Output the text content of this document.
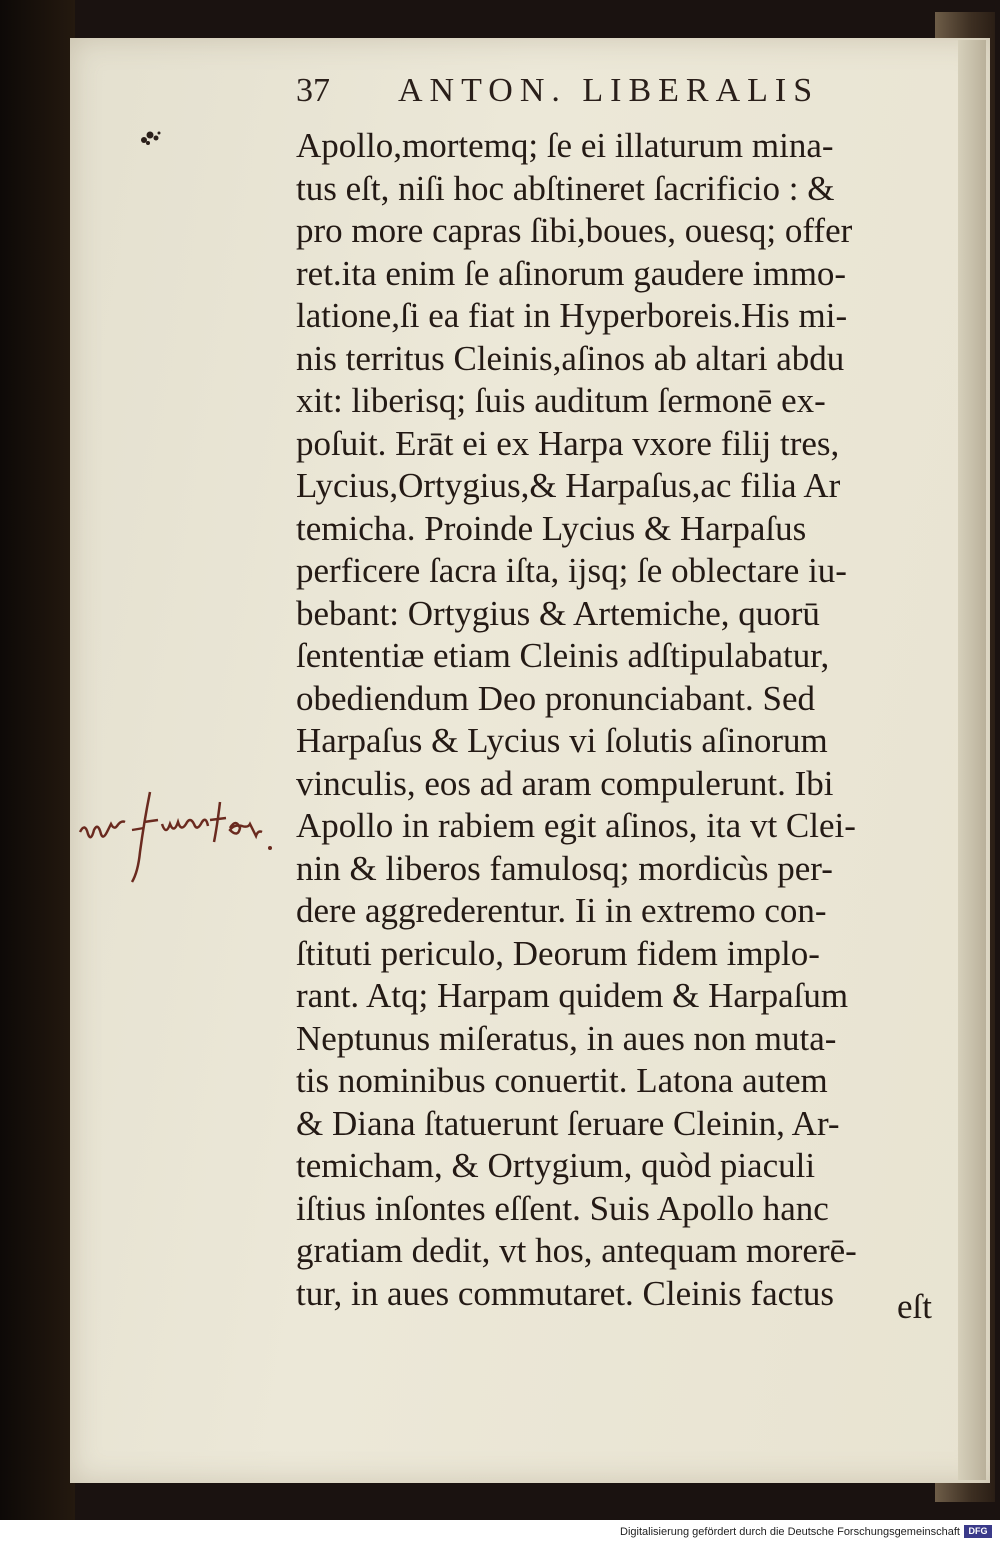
37 ANTON. LIBERALIS
Apollo,mortemq; ſe ei illaturum mina-
tus eſt, niſi hoc abſtineret ſacrificio : &
pro more capras ſibi,boues, ouesq; offer
ret.ita enim ſe aſinorum gaudere immo-
latione,ſi ea fiat in Hyperboreis.His mi-
nis territus Cleinis,aſinos ab altari abdu
xit: liberisq; ſuis auditum ſermonē ex-
poſuit. Erāt ei ex Harpa vxore filij tres,
Lycius,Ortygius,& Harpaſus,ac filia Ar
temicha. Proinde Lycius & Harpaſus
perficere ſacra iſta, ijsq; ſe oblectare iu-
bebant: Ortygius & Artemiche, quorū
ſententiæ etiam Cleinis adſtipulabatur,
obediendum Deo pronunciabant. Sed
Harpaſus & Lycius vi ſolutis aſinorum
vinculis, eos ad aram compulerunt. Ibi
Apollo in rabiem egit aſinos, ita vt Clei-
nin & liberos famulosq; mordicùs per-
dere aggrederentur. Ii in extremo con-
ſtituti periculo, Deorum fidem implo-
rant. Atq; Harpam quidem & Harpaſum
Neptunus miſeratus, in aues non muta-
tis nominibus conuertit. Latona autem
& Diana ſtatuerunt ſeruare Cleinin, Ar-
temicham, & Ortygium, quòd piaculi
iſtius inſontes eſſent. Suis Apollo hanc
gratiam dedit, vt hos, antequam morerē-
tur, in aues commutaret. Cleinis factus	eſt
Digitalisierung gefördert durch die Deutsche Forschungsgemeinschaft DFG
